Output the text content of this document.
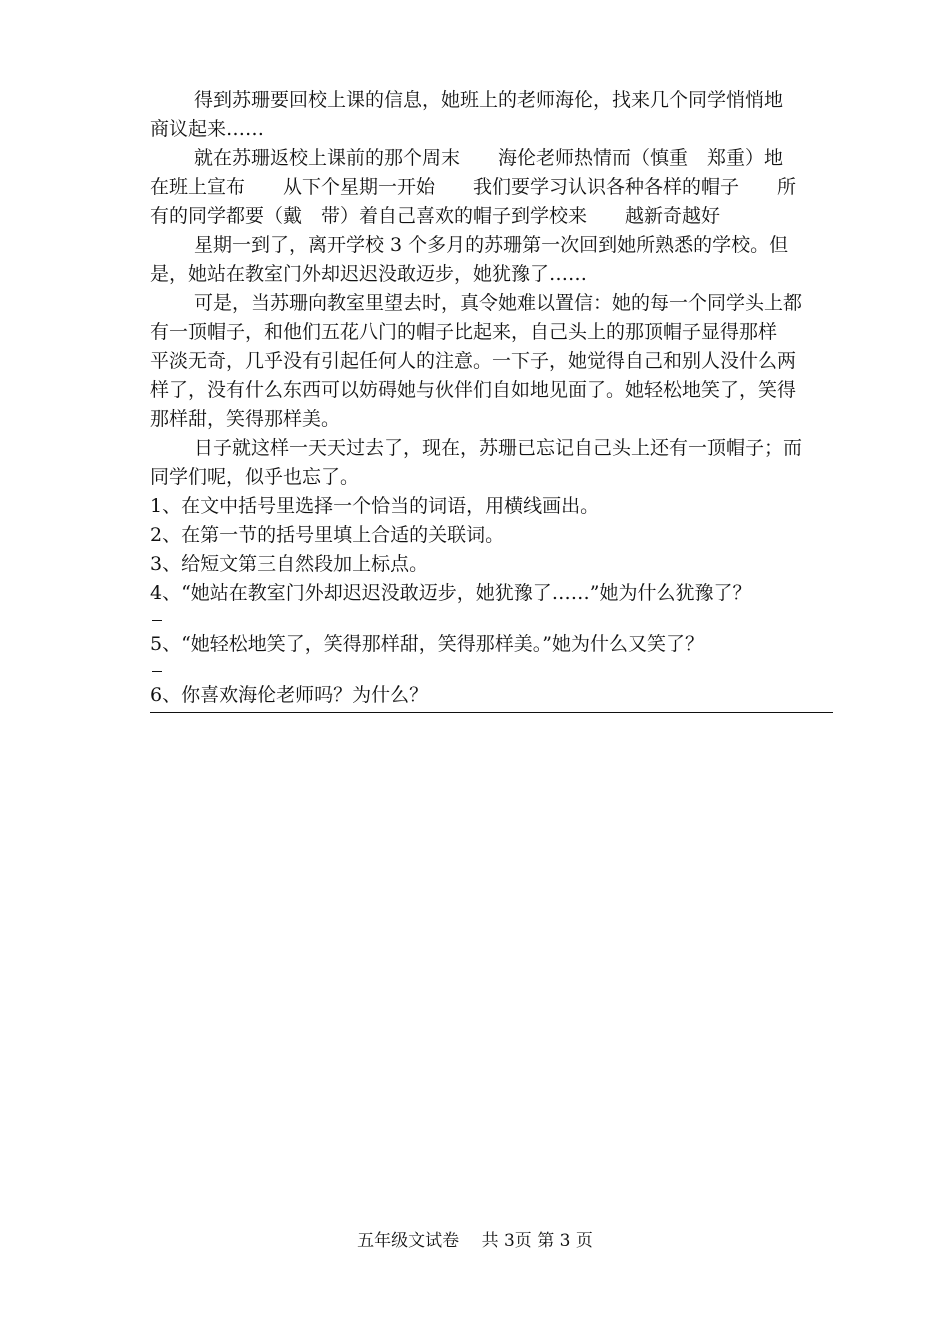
得到苏珊要回校上课的信息，她班上的老师海伦，找来几个同学悄悄地
商议起来……
就在苏珊返校上课前的那个周末　　海伦老师热情而（慎重　郑重）地
在班上宣布　　从下个星期一开始　　我们要学习认识各种各样的帽子　　所
有的同学都要（戴　带）着自己喜欢的帽子到学校来　　越新奇越好
星期一到了，离开学校 3 个多月的苏珊第一次回到她所熟悉的学校。但
是，她站在教室门外却迟迟没敢迈步，她犹豫了……
可是，当苏珊向教室里望去时，真令她难以置信：她的每一个同学头上都
有一顶帽子，和他们五花八门的帽子比起来，自己头上的那顶帽子显得那样
平淡无奇，几乎没有引起任何人的注意。一下子，她觉得自己和别人没什么两
样了，没有什么东西可以妨碍她与伙伴们自如地见面了。她轻松地笑了，笑得
那样甜，笑得那样美。
日子就这样一天天过去了，现在，苏珊已忘记自己头上还有一顶帽子；而
同学们呢，似乎也忘了。
1、在文中括号里选择一个恰当的词语，用横线画出。
2、在第一节的括号里填上合适的关联词。
3、给短文第三自然段加上标点。
4、“她站在教室门外却迟迟没敢迈步，她犹豫了……”她为什么犹豫了？
5、“她轻松地笑了，笑得那样甜，笑得那样美。”她为什么又笑了？
6、你喜欢海伦老师吗？为什么？
五年级文试卷　 共 3页 第 3 页
